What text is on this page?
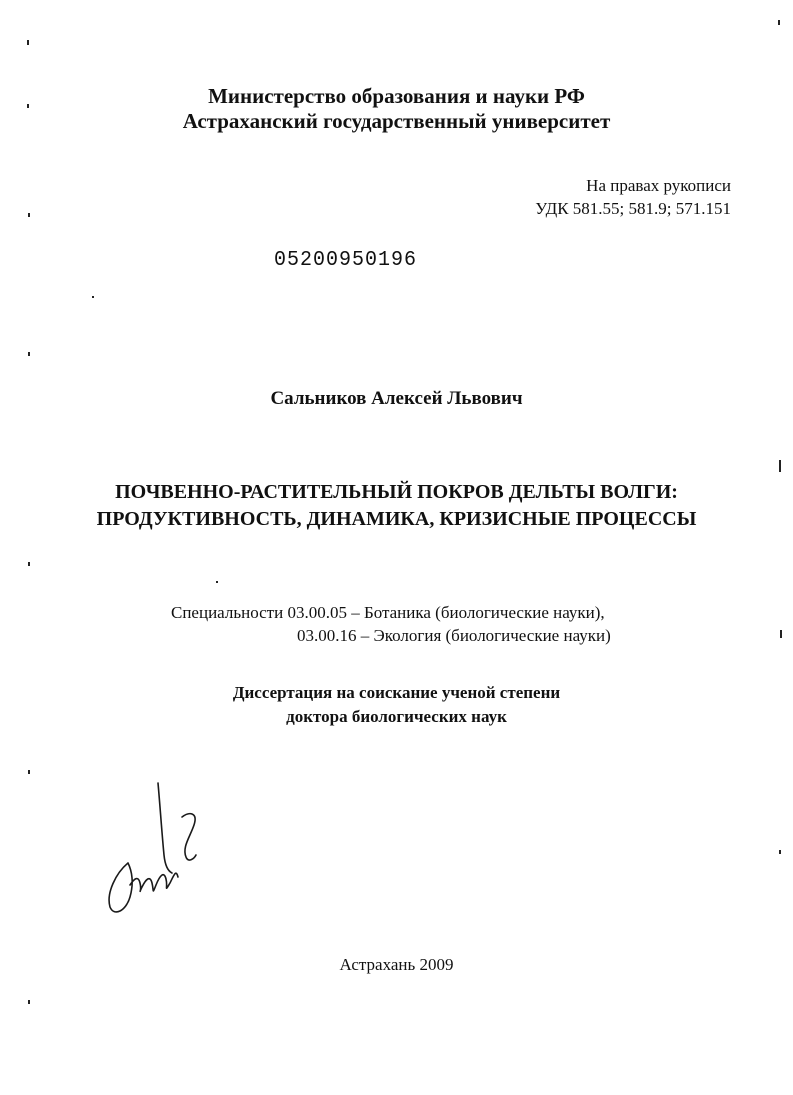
Министерство образования и науки РФ
Астраханский государственный университет
На правах рукописи
УДК 581.55; 581.9; 571.151
05200950196
Сальников Алексей Львович
ПОЧВЕННО-РАСТИТЕЛЬНЫЙ ПОКРОВ ДЕЛЬТЫ ВОЛГИ:
ПРОДУКТИВНОСТЬ, ДИНАМИКА, КРИЗИСНЫЕ ПРОЦЕССЫ
Специальности 03.00.05 – Ботаника (биологические науки),
03.00.16 – Экология (биологические науки)
Диссертация на соискание ученой степени
доктора биологических наук
Астрахань 2009
